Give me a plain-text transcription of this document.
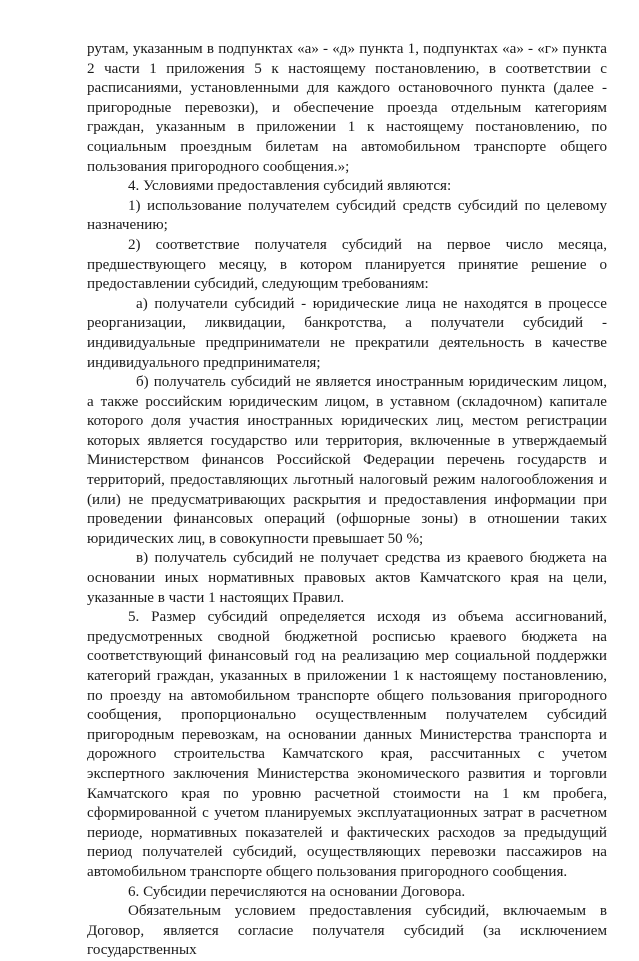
рутам, указанным в подпунктах «а» - «д» пункта 1, подпунктах «а» - «г» пункта 2 части 1 приложения 5 к настоящему постановлению, в соответствии с расписаниями, установленными для каждого остановочного пункта (далее - пригородные перевозки), и обеспечение проезда отдельным категориям граждан, указанным в приложении 1 к настоящему постановлению, по социальным проездным билетам на автомобильном транспорте общего пользования пригородного сообщения.»;

4. Условиями предоставления субсидий являются:

1) использование получателем субсидий средств субсидий по целевому назначению;

2) соответствие получателя субсидий на первое число месяца, предшествующего месяцу, в котором планируется принятие решение о предоставлении субсидий, следующим требованиям:

а) получатели субсидий - юридические лица не находятся в процессе реорганизации, ликвидации, банкротства, а получатели субсидий - индивидуальные предприниматели не прекратили деятельность в качестве индивидуального предпринимателя;

б) получатель субсидий не является иностранным юридическим лицом, а также российским юридическим лицом, в уставном (складочном) капитале которого доля участия иностранных юридических лиц, местом регистрации которых является государство или территория, включенные в утверждаемый Министерством финансов Российской Федерации перечень государств и территорий, предоставляющих льготный налоговый режим налогообложения и (или) не предусматривающих раскрытия и предоставления информации при проведении финансовых операций (офшорные зоны) в отношении таких юридических лиц, в совокупности превышает 50 %;

в) получатель субсидий не получает средства из краевого бюджета на основании иных нормативных правовых актов Камчатского края на цели, указанные в части 1 настоящих Правил.

5. Размер субсидий определяется исходя из объема ассигнований, предусмотренных сводной бюджетной росписью краевого бюджета на соответствующий финансовый год на реализацию мер социальной поддержки категорий граждан, указанных в приложении 1 к настоящему постановлению, по проезду на автомобильном транспорте общего пользования пригородного сообщения, пропорционально осуществленным получателем субсидий пригородным перевозкам, на основании данных Министерства транспорта и дорожного строительства Камчатского края, рассчитанных с учетом экспертного заключения Министерства экономического развития и торговли Камчатского края по уровню расчетной стоимости на 1 км пробега, сформированной с учетом планируемых эксплуатационных затрат в расчетном периоде, нормативных показателей и фактических расходов за предыдущий период получателей субсидий, осуществляющих перевозки пассажиров на автомобильном транспорте общего пользования пригородного сообщения.

6. Субсидии перечисляются на основании Договора.

Обязательным условием предоставления субсидий, включаемым в Договор, является согласие получателя субсидий (за исключением государственных
